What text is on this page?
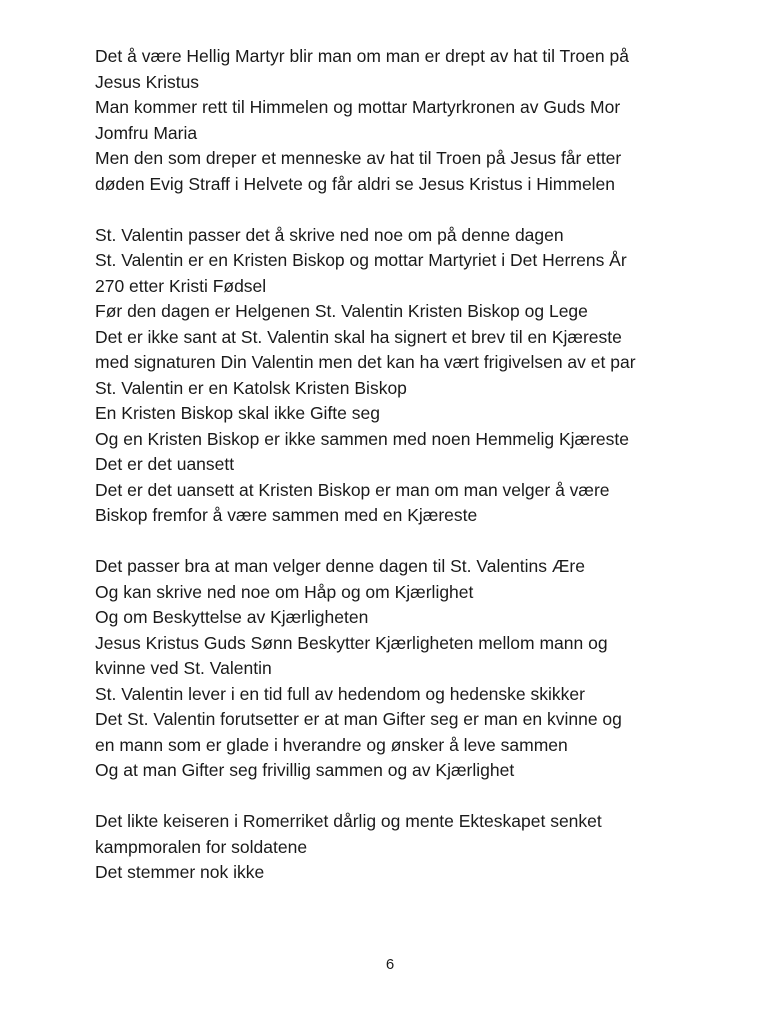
Det å være Hellig Martyr blir man om man er drept av hat til Troen på
Jesus Kristus
Man kommer rett til Himmelen og mottar Martyrkronen av Guds Mor
Jomfru Maria
Men den som dreper et menneske av hat til Troen på Jesus får etter
døden Evig Straff i Helvete og får aldri se Jesus Kristus i Himmelen

St. Valentin passer det å skrive ned noe om på denne dagen
St. Valentin er en Kristen Biskop og mottar Martyriet i Det Herrens År
270 etter Kristi Fødsel
Før den dagen er Helgenen St. Valentin Kristen Biskop og Lege
Det er ikke sant at St. Valentin skal ha signert et brev til en Kjæreste
med signaturen Din Valentin men det kan ha vært frigivelsen av et par
St. Valentin er en Katolsk Kristen Biskop
En Kristen Biskop skal ikke Gifte seg
Og en Kristen Biskop er ikke sammen med noen Hemmelig Kjæreste
Det er det uansett
Det er det uansett at Kristen Biskop er man om man velger å være
Biskop fremfor å være sammen med en Kjæreste

Det passer bra at man velger denne dagen til St. Valentins Ære
Og kan skrive ned noe om Håp og om Kjærlighet
Og om Beskyttelse av Kjærligheten
Jesus Kristus Guds Sønn Beskytter Kjærligheten mellom mann og
kvinne ved St. Valentin
St. Valentin lever i en tid full av hedendom og hedenske skikker
Det St. Valentin forutsetter er at man Gifter seg er man en kvinne og
en mann som er glade i hverandre og ønsker å leve sammen
Og at man Gifter seg frivillig sammen og av Kjærlighet

Det likte keiseren i Romerriket dårlig og mente Ekteskapet senket
kampmoralen for soldatene
Det stemmer nok ikke

6
